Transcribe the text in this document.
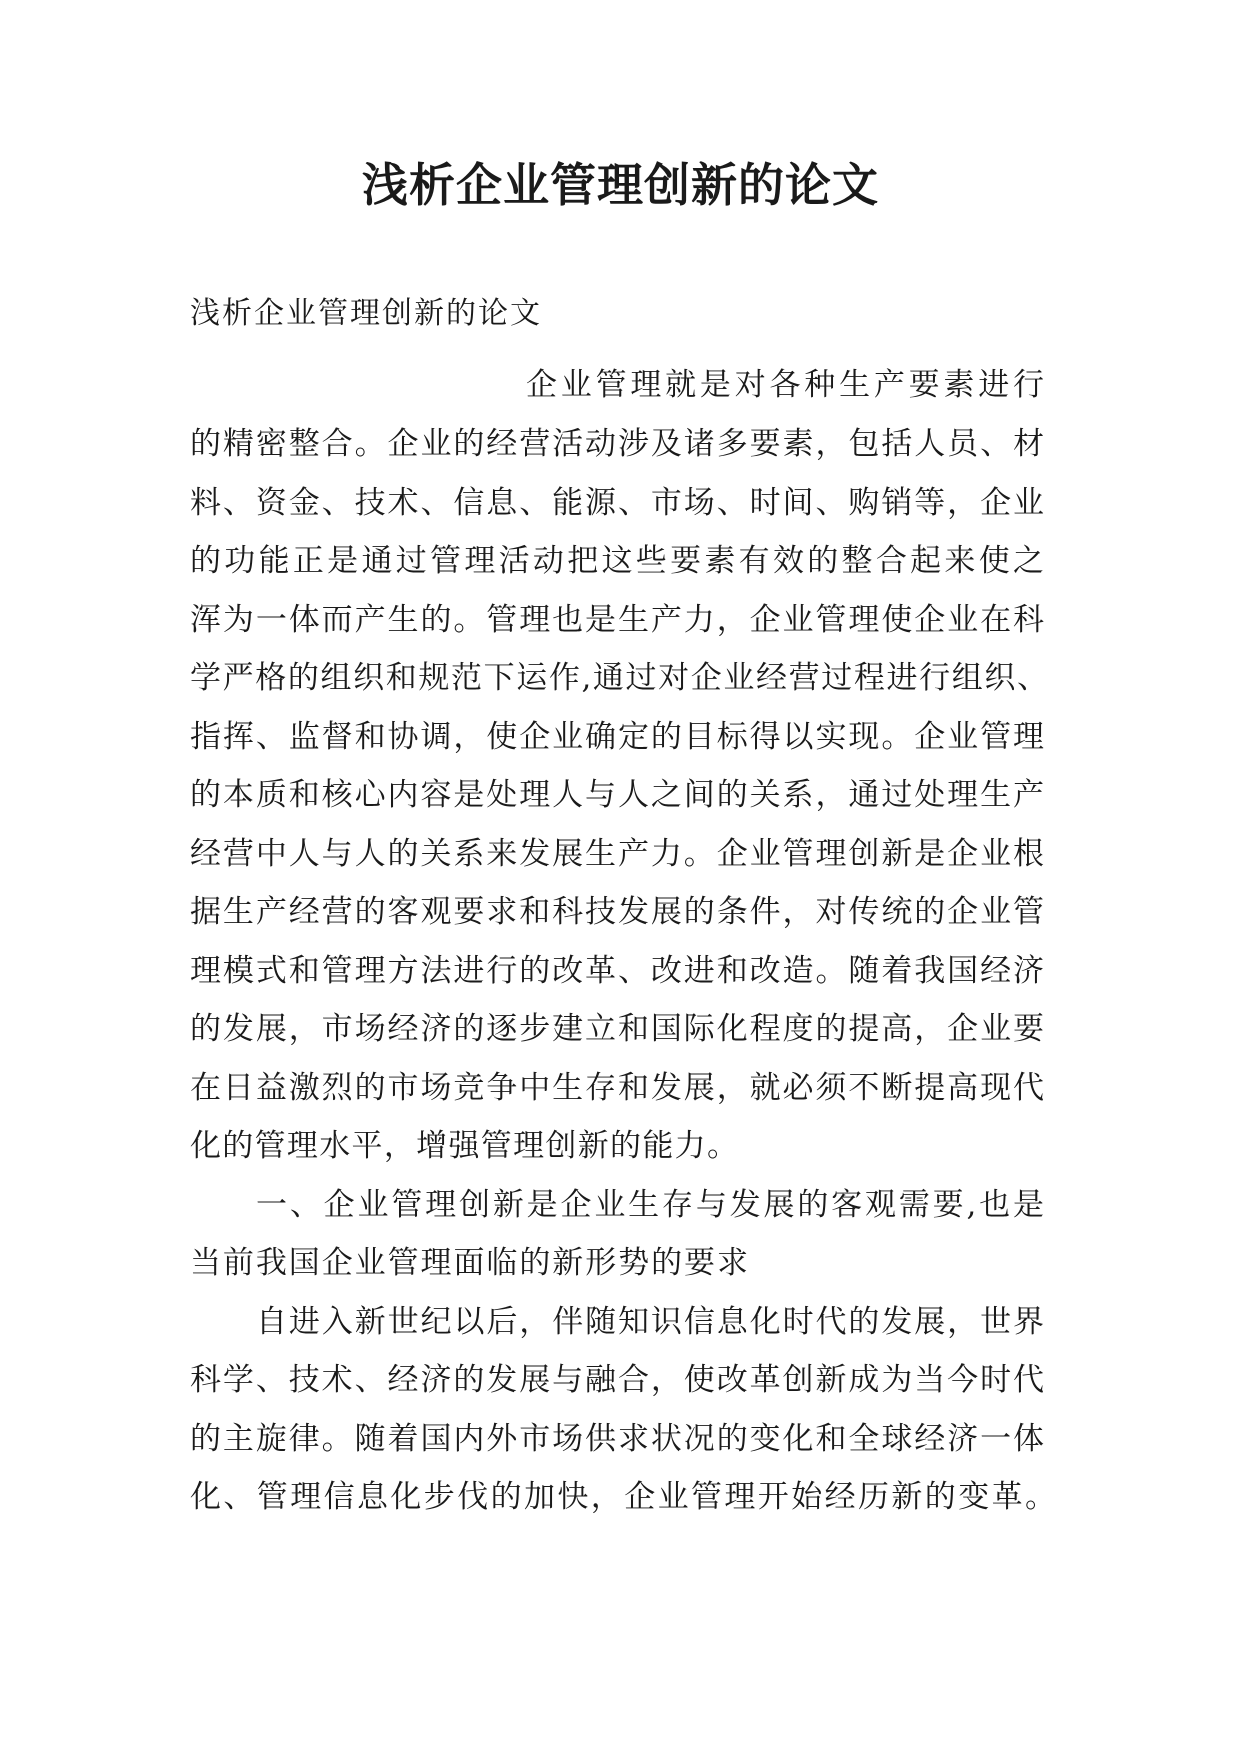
浅析企业管理创新的论文

浅析企业管理创新的论文

企业管理就是对各种生产要素进行

的精密整合。企业的经营活动涉及诸多要素，包括人员、材

料、资金、技术、信息、能源、市场、时间、购销等，企业

的功能正是通过管理活动把这些要素有效的整合起来使之

浑为一体而产生的。管理也是生产力，企业管理使企业在科

学严格的组织和规范下运作,通过对企业经营过程进行组织、

指挥、监督和协调，使企业确定的目标得以实现。企业管理

的本质和核心内容是处理人与人之间的关系，通过处理生产

经营中人与人的关系来发展生产力。企业管理创新是企业根

据生产经营的客观要求和科技发展的条件，对传统的企业管

理模式和管理方法进行的改革、改进和改造。随着我国经济

的发展，市场经济的逐步建立和国际化程度的提高，企业要

在日益激烈的市场竞争中生存和发展，就必须不断提高现代

化的管理水平，增强管理创新的能力。

一、企业管理创新是企业生存与发展的客观需要,也是

当前我国企业管理面临的新形势的要求

自进入新世纪以后，伴随知识信息化时代的发展，世界

科学、技术、经济的发展与融合，使改革创新成为当今时代

的主旋律。随着国内外市场供求状况的变化和全球经济一体

化、管理信息化步伐的加快，企业管理开始经历新的变革。
